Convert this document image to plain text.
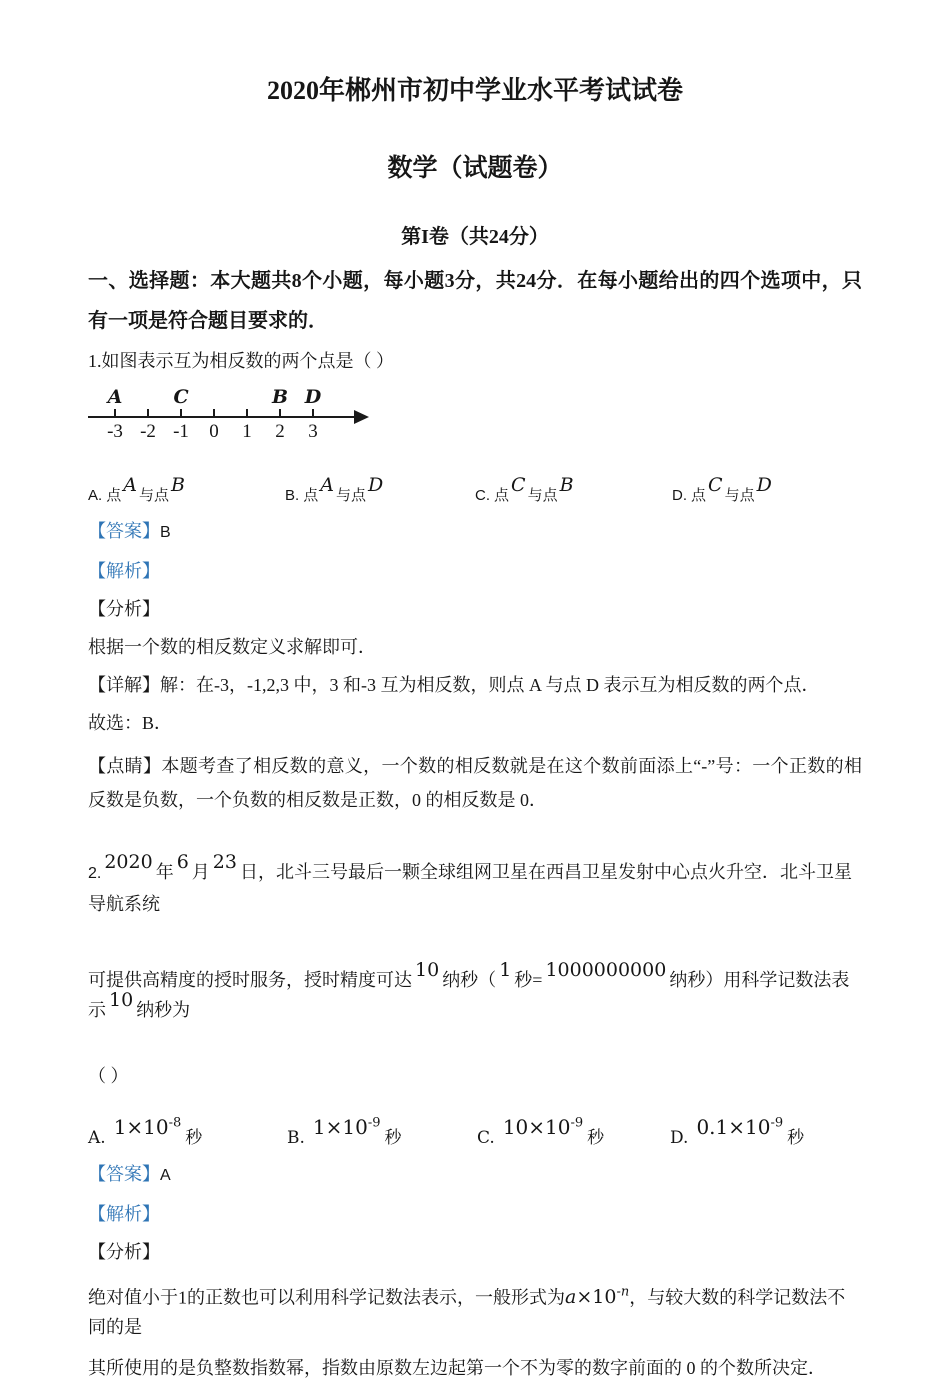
2020年郴州市初中学业水平考试试卷
数学（试题卷）
第I卷（共24分）
一、选择题：本大题共8个小题，每小题3分，共24分．在每小题给出的四个选项中，只有一项是符合题目要求的．
1.如图表示互为相反数的两个点是（ ）
A	C	B D
-3 -2 -1 0 1 2 3
A. 点 A 与点 B	B. 点 A 与点 D	C. 点 C 与点 B	D. 点 C 与点 D

【答案】B

【解析】

【分析】

根据一个数的相反数定义求解即可．

【详解】解：在-3，-1,2,3 中，3 和-3 互为相反数，则点 A 与点 D 表示互为相反数的两个点．

故选：B．

【点睛】本题考查了相反数的意义，一个数的相反数就是在这个数前面添上“-”号：一个正数的相反数是负数，一个负数的相反数是正数，0 的相反数是 0．

2.2020 年 6 月 23 日，北斗三号最后一颗全球组网卫星在西昌卫星发射中心点火升空．北斗卫星导航系统

可提供高精度的授时服务，授时精度可达 10 纳秒（ 1 秒= 1000000000 纳秒）用科学记数法表示 10 纳秒为

（ ）

A. $1\times 10^{-8}$ 秒	B. $1\times 10^{-9}$ 秒	C. $10\times 10^{-9}$ 秒	D. $0.1\times 10^{-9}$ 秒

【答案】A

【解析】

【分析】

绝对值小于1的正数也可以利用科学记数法表示，一般形式为$a\times 10^{-n}$，与较大数的科学记数法不同的是

其所使用的是负整数指数幂，指数由原数左边起第一个不为零的数字前面的 0 的个数所决定．
